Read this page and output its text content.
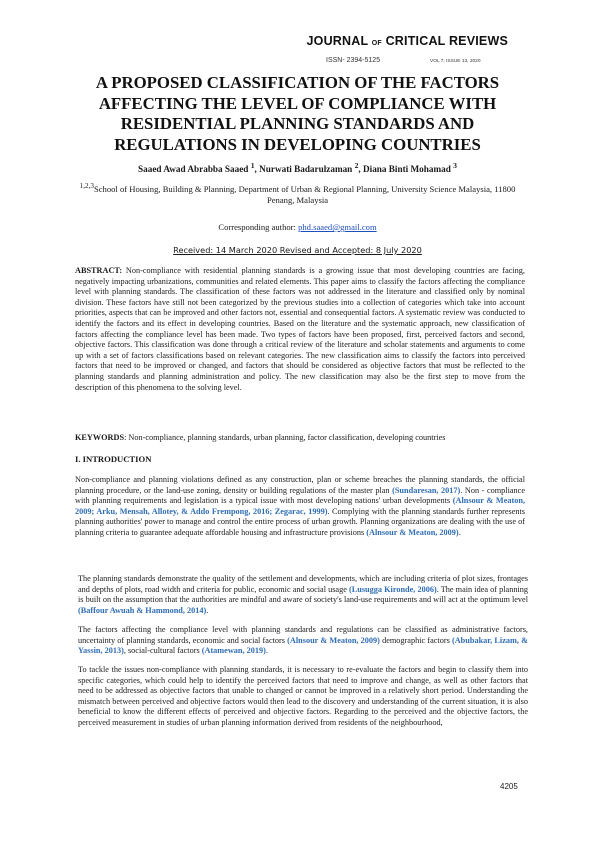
JOURNAL OF CRITICAL REVIEWS
ISSN- 2394-5125	VOL 7, ISSUE 13, 2020
A PROPOSED CLASSIFICATION OF THE FACTORS AFFECTING THE LEVEL OF COMPLIANCE WITH RESIDENTIAL PLANNING STANDARDS AND REGULATIONS IN DEVELOPING COUNTRIES
Saaed Awad Abrabba Saaed $^1$, Nurwati Badarulzaman $^2$, Diana Binti Mohamad $^3$
$^{1,2,3}$School of Housing, Building & Planning, Department of Urban & Regional Planning, University Science Malaysia, 11800 Penang, Malaysia
Corresponding author: phd.saaed@gmail.com
Received: 14 March 2020 Revised and Accepted: 8 July 2020
ABSTRACT: Non-compliance with residential planning standards is a growing issue that most developing countries are facing, negatively impacting urbanizations, communities and related elements. This paper aims to classify the factors affecting the compliance level with planning standards. The classification of these factors was not addressed in the literature and classified only by nominal division. These factors have still not been categorized by the previous studies into a collection of categories which take into account priorities, aspects that can be improved and other factors not, essential and consequential factors. A systematic review was conducted to identify the factors and its effect in developing countries. Based on the literature and the systematic approach, new classification of factors affecting the compliance level has been made. Two types of factors have been proposed, first, perceived factors and second, objective factors. This classification was done through a critical review of the literature and scholar statements and arguments to come up with a set of factors classifications based on relevant categories. The new classification aims to classify the factors into perceived factors that need to be improved or changed, and factors that should be considered as objective factors that must be reflected to the planning standards and planning administration and policy. The new classification may also be the first step to move from the description of this phenomena to the solving level.
KEYWORDS: Non-compliance, planning standards, urban planning, factor classification, developing countries
I. INTRODUCTION
Non-compliance and planning violations defined as any construction, plan or scheme breaches the planning standards, the official planning procedure, or the land-use zoning, density or building regulations of the master plan (Sundaresan, 2017). Non - compliance with planning requirements and legislation is a typical issue with most developing nations' urban developments (Alnsour & Meaton, 2009; Arku, Mensah, Allotey, & Addo Frempong, 2016; Zegarac, 1999). Complying with the planning standards further represents planning authorities' power to manage and control the entire process of urban growth. Planning organizations are dealing with the use of planning criteria to guarantee adequate affordable housing and infrastructure provisions (Alnsour & Meaton, 2009).
The planning standards demonstrate the quality of the settlement and developments, which are including criteria of plot sizes, frontages and depths of plots, road width and criteria for public, economic and social usage (Lusugga Kironde, 2006). The main idea of planning is built on the assumption that the authorities are mindful and aware of society's land-use requirements and will act at the optimum level (Baffour Awuah & Hammond, 2014).
The factors affecting the compliance level with planning standards and regulations can be classified as administrative factors, uncertainty of planning standards, economic and social factors (Alnsour & Meaton, 2009) demographic factors (Abubakar, Lizam, & Yassin, 2013), social-cultural factors (Atamewan, 2019).
To tackle the issues non-compliance with planning standards, it is necessary to re-evaluate the factors and begin to classify them into specific categories, which could help to identify the perceived factors that need to improve and change, as well as other factors that need to be addressed as objective factors that unable to changed or cannot be improved in a relatively short period. Understanding the mismatch between perceived and objective factors would then lead to the discovery and understanding of the current situation, it is also beneficial to know the different effects of perceived and objective factors. Regarding to the perceived and the objective factors, the perceived measurement in studies of urban planning information derived from residents of the neighbourhood,
4205
